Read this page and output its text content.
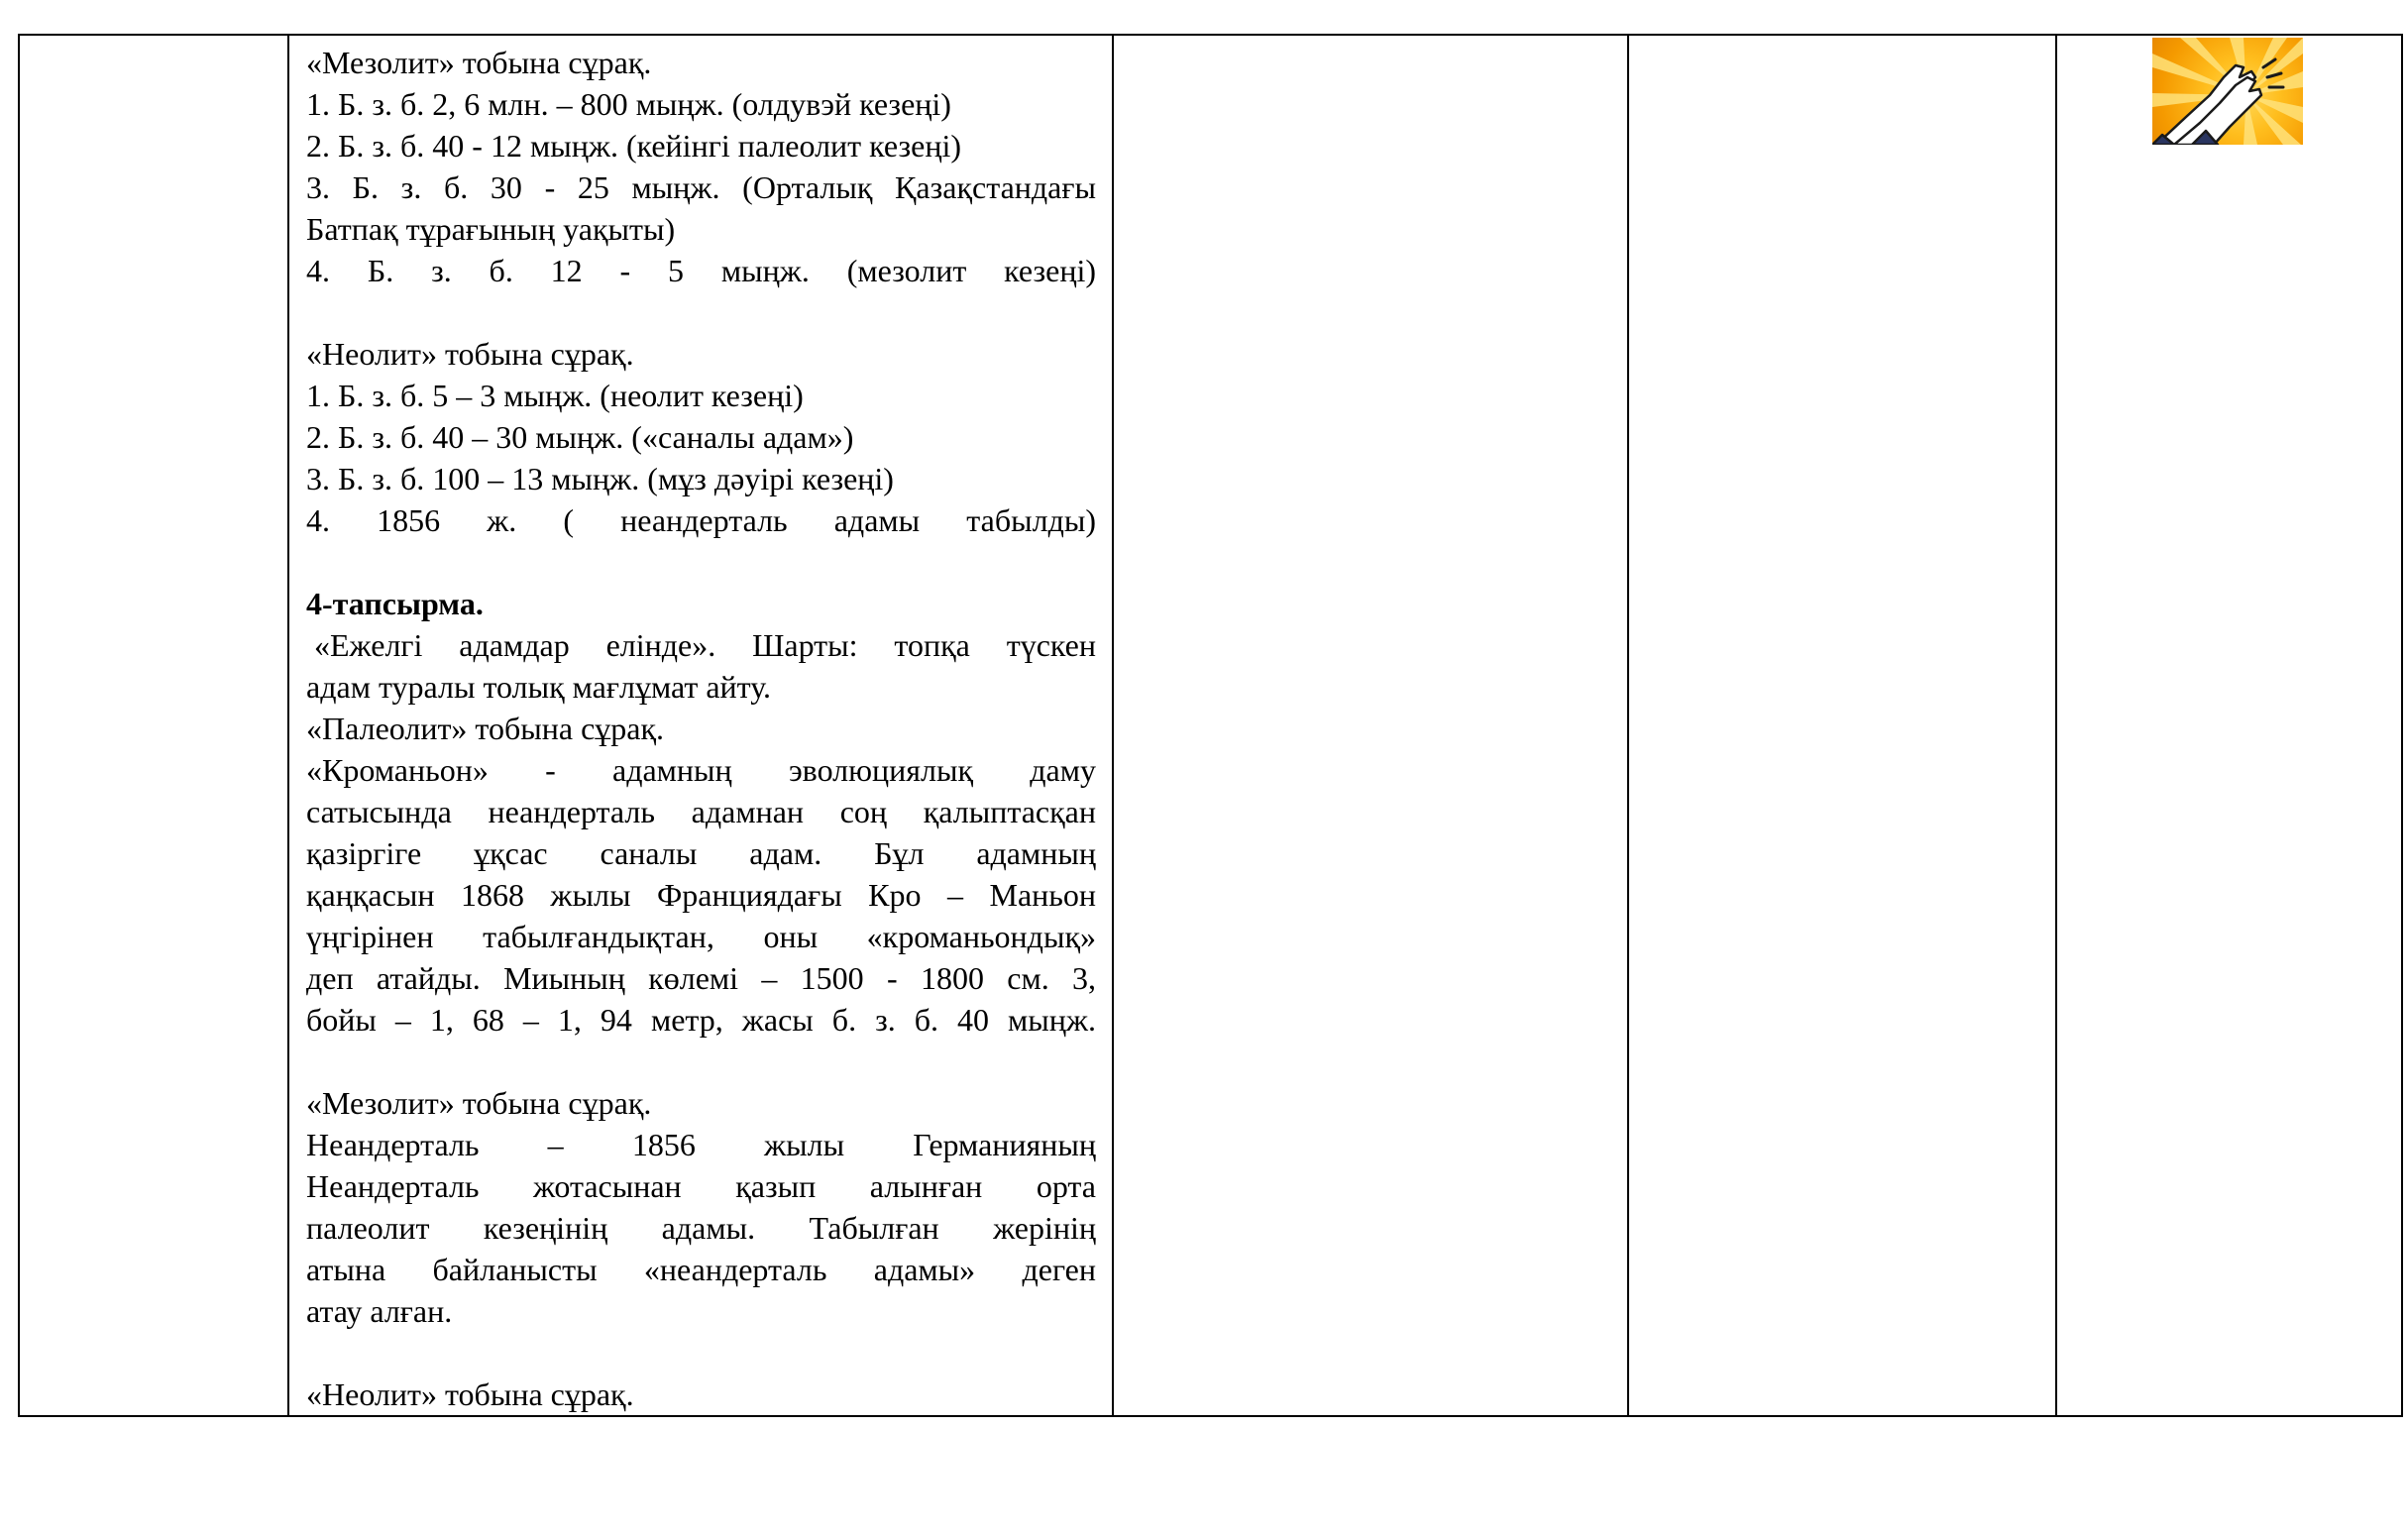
«Мезолит» тобына сұрақ.

1. Б. з. б. 2, 6 млн. – 800 мыңж. (олдувэй кезеңі)

2. Б. з. б. 40 - 12 мыңж. (кейінгі палеолит кезеңі)

3. Б. з. б. 30 - 25 мыңж. (Орталық Қазақстандағы

Батпақ тұрағының уақыты)

4. Б. з. б. 12 - 5 мыңж. (мезолит кезеңі)

«Неолит» тобына сұрақ.

1. Б. з. б. 5 – 3 мыңж. (неолит кезеңі)

2. Б. з. б. 40 – 30 мыңж. («саналы адам»)

3. Б. з. б. 100 – 13 мыңж. (мұз дәуірі кезеңі)

4. 1856 ж. ( неандерталь адамы табылды)

4-тапсырма.

«Ежелгі адамдар елінде». Шарты: топқа түскен

адам туралы толық мағлұмат айту.

«Палеолит» тобына сұрақ.

«Кроманьон» - адамның эволюциялық даму

сатысында неандерталь адамнан соң қалыптасқан

қазіргіге ұқсас саналы адам. Бұл адамның

қаңқасын 1868 жылы Франциядағы Кро – Маньон

үңгірінен табылғандықтан, оны «кроманьондық»

деп атайды. Миының көлемі – 1500 - 1800 см. 3,

бойы – 1, 68 – 1, 94 метр, жасы б. з. б. 40 мыңж.

«Мезолит» тобына сұрақ.

Неандерталь – 1856 жылы Германияның

Неандерталь жотасынан қазып алынған орта

палеолит кезеңінің адамы. Табылған жерінің

атына байланысты «неандерталь адамы» деген

атау алған.

«Неолит» тобына сұрақ.
